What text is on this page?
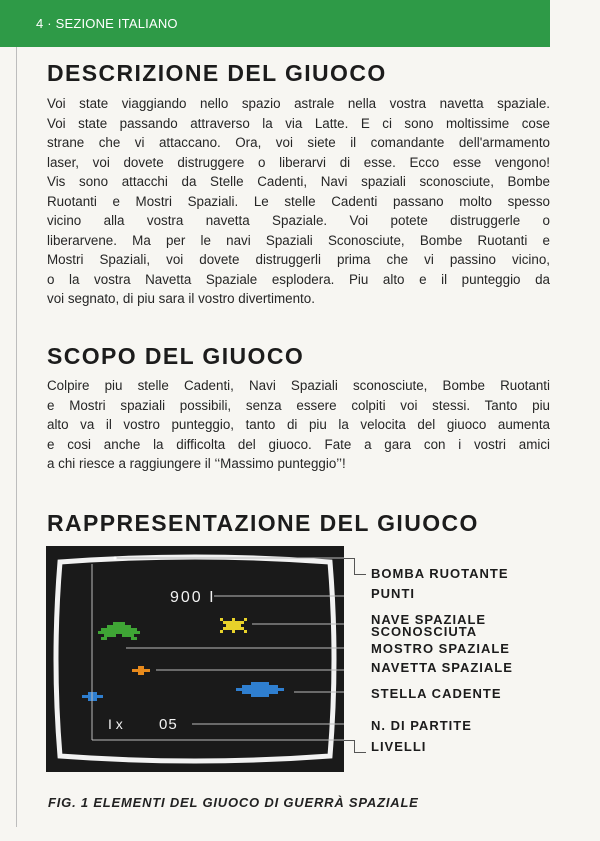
4 · SEZIONE ITALIANO
DESCRIZIONE DEL GIUOCO
Voi state viaggiando nello spazio astrale nella vostra navetta spaziale.
Voi state passando attraverso la via Latte. E ci sono moltissime cose
strane che vi attaccano. Ora, voi siete il comandante dell'armamento
laser, voi dovete distruggere o liberarvi di esse. Ecco esse vengono!
Vis sono attacchi da Stelle Cadenti, Navi spaziali sconosciute, Bombe
Ruotanti e Mostri Spaziali. Le stelle Cadenti passano molto spesso
vicino alla vostra navetta Spaziale. Voi potete distruggerle o
liberarvene. Ma per le navi Spaziali Sconosciute, Bombe Ruotanti e
Mostri Spaziali, voi dovete distruggerli prima che vi passino vicino,
o la vostra Navetta Spaziale esplodera. Piu alto e il punteggio da
voi segnato, di piu sara il vostro divertimento.
SCOPO DEL GIUOCO
Colpire piu stelle Cadenti, Navi Spaziali sconosciute, Bombe Ruotanti
e Mostri spaziali possibili, senza essere colpiti voi stessi. Tanto piu
alto va il vostro punteggio, tanto di piu la velocita del giuoco aumenta
e cosi anche la difficolta del giuoco. Fate a gara con i vostri amici
a chi riesce a raggiungere il ‘‘Massimo punteggio’’!
RAPPRESENTAZIONE DEL GIUOCO
900 I
I x 05
BOMBA RUOTANTE
PUNTI
NAVE SPAZIALE
SCONOSCIUTA
MOSTRO SPAZIALE
NAVETTA SPAZIALE
STELLA CADENTE
N. DI PARTITE
LIVELLI
FIG. 1 ELEMENTI DEL GIUOCO DI GUERRÀ SPAZIALE
